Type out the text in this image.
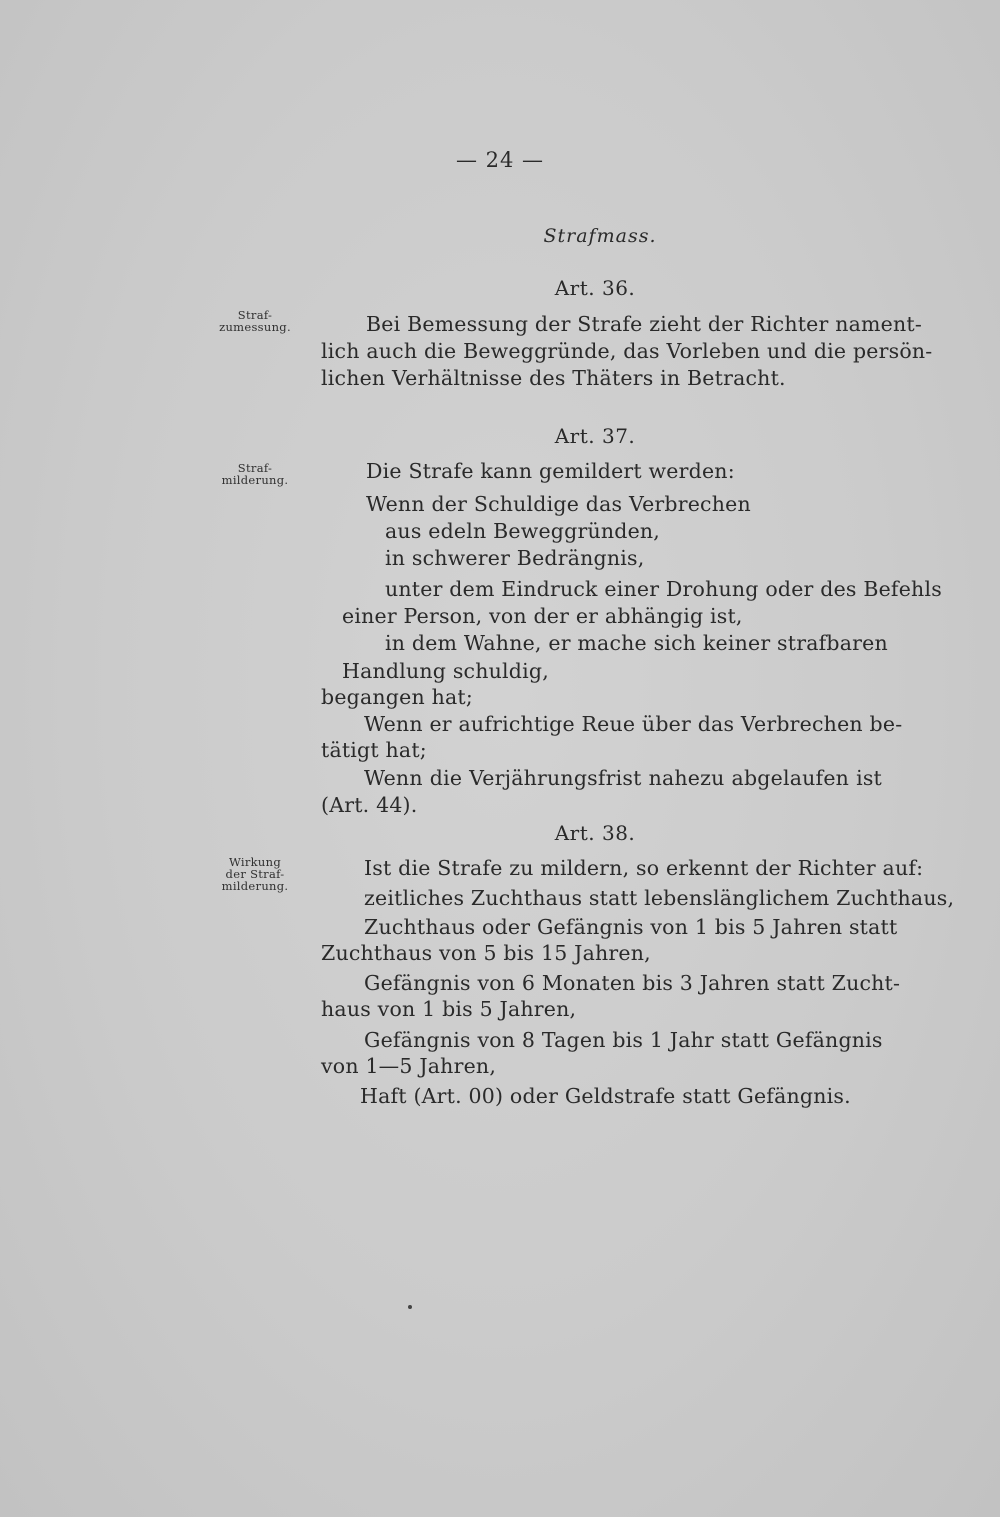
— 24 —
Strafmass.
Art. 36.
Straf-
zumessung.	Bei Bemessung der Strafe zieht der Richter nament-
lich auch die Beweggründe, das Vorleben und die persön-
lichen Verhältnisse des Thäters in Betracht.
Art. 37.
Straf-
milderung.	Die Strafe kann gemildert werden:
Wenn der Schuldige das Verbrechen
aus edeln Beweggründen,
in schwerer Bedrängnis,
unter dem Eindruck einer Drohung oder des Befehls
einer Person, von der er abhängig ist,
in dem Wahne, er mache sich keiner strafbaren
Handlung schuldig,
begangen hat;
Wenn er aufrichtige Reue über das Verbrechen be-
tätigt hat;
Wenn die Verjährungsfrist nahezu abgelaufen ist
(Art. 44).
Art. 38.
Wirkung
der Straf-
milderung.
Ist die Strafe zu mildern, so erkennt der Richter auf:
zeitliches Zuchthaus statt lebenslänglichem Zuchthaus,
Zuchthaus oder Gefängnis von 1 bis 5 Jahren statt
Zuchthaus von 5 bis 15 Jahren,
Gefängnis von 6 Monaten bis 3 Jahren statt Zucht-
haus von 1 bis 5 Jahren,
Gefängnis von 8 Tagen bis 1 Jahr statt Gefängnis
von 1—5 Jahren,
Haft (Art. 00) oder Geldstrafe statt Gefängnis.
